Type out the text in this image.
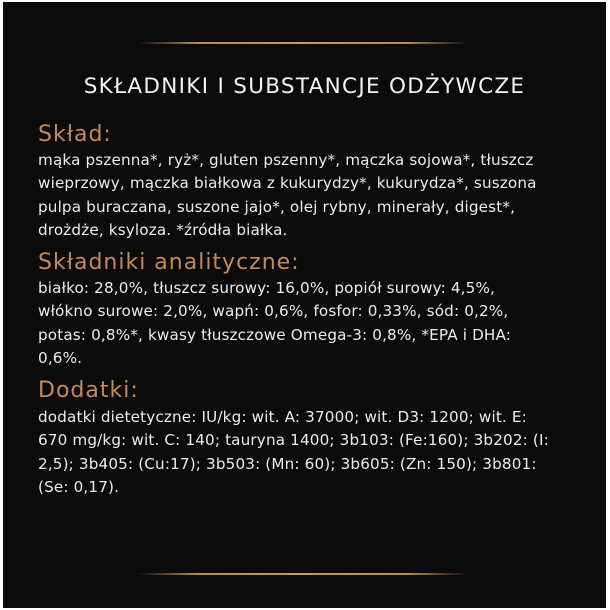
SKŁADNIKI I SUBSTANCJE ODŻYWCZE
Skład:

mąka pszenna*, ryż*, gluten pszenny*, mączka sojowa*, tłuszcz
wieprzowy, mączka białkowa z kukurydzy*, kukurydza*, suszona
pulpa buraczana, suszone jajo*, olej rybny, minerały, digest*,
drożdże, ksyloza. *źródła białka.

Składniki analityczne:

białko: 28,0%, tłuszcz surowy: 16,0%, popiół surowy: 4,5%,
włókno surowe: 2,0%, wapń: 0,6%, fosfor: 0,33%, sód: 0,2%,
potas: 0,8%*, kwasy tłuszczowe Omega-3: 0,8%, *EPA i DHA:
0,6%.

Dodatki:

dodatki dietetyczne: IU/kg: wit. A: 37000; wit. D3: 1200; wit. E:
670 mg/kg: wit. C: 140; tauryna 1400; 3b103: (Fe:160); 3b202: (I:
2,5); 3b405: (Cu:17); 3b503: (Mn: 60); 3b605: (Zn: 150); 3b801:
(Se: 0,17).
